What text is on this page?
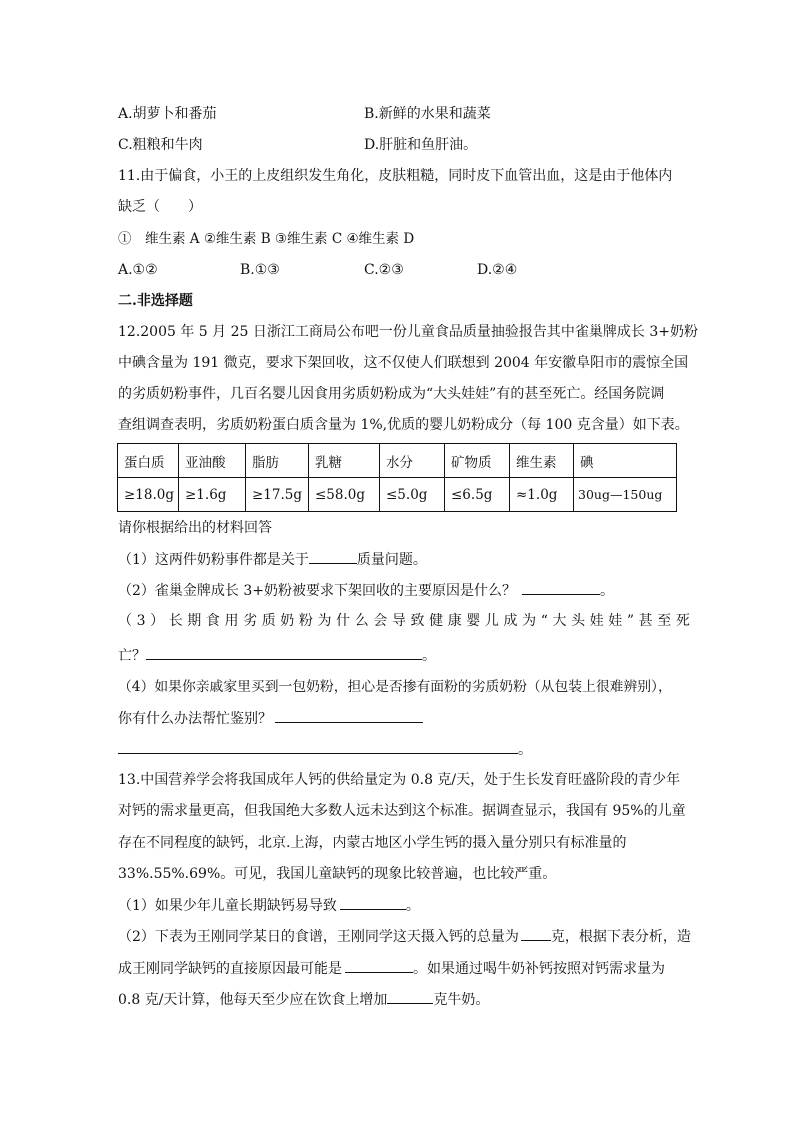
A.胡萝卜和番茄	B.新鲜的水果和蔬菜
C.粗粮和牛肉	D.肝脏和鱼肝油。
11.由于偏食，小王的上皮组织发生角化，皮肤粗糙，同时皮下血管出血，这是由于他体内
缺乏（　　）
①　维生素 A ②维生素 B ③维生素 C ④维生素 D
A.①②	B.①③	C.②③	D.②④
二.非选择题
12.2005 年 5 月 25 日浙江工商局公布吧一份儿童食品质量抽验报告其中雀巢牌成长 3+奶粉
中碘含量为 191 微克，要求下架回收，这不仅使人们联想到 2004 年安徽阜阳市的震惊全国
的劣质奶粉事件，几百名婴儿因食用劣质奶粉成为“大头娃娃”有的甚至死亡。经国务院调
查组调查表明，劣质奶粉蛋白质含量为 1%,优质的婴儿奶粉成分（每 100 克含量）如下表。
蛋白质	亚油酸	脂肪	乳糖	水分	矿物质	维生素	碘
≥18.0g	≥1.6g	≥17.5g	≤58.0g	≤5.0g	≤6.5g	≈1.0g	30ug—150ug
请你根据给出的材料回答
（1）这两件奶粉事件都是关于	质量问题。
（2）雀巢金牌成长 3+奶粉被要求下架回收的主要原因是什么？	。
（3）长期食用劣质奶粉为什么会导致健康婴儿成为“大头娃娃”甚至死
亡？	。
（4）如果你亲戚家里买到一包奶粉，担心是否掺有面粉的劣质奶粉（从包装上很难辨别），
你有什么办法帮忙鉴别？
。
13.中国营养学会将我国成年人钙的供给量定为 0.8 克/天，处于生长发育旺盛阶段的青少年
对钙的需求量更高，但我国绝大多数人远未达到这个标准。据调查显示，我国有 95%的儿童
存在不同程度的缺钙，北京.上海，内蒙古地区小学生钙的摄入量分别只有标准量的
33%.55%.69%。可见，我国儿童缺钙的现象比较普遍，也比较严重。
（1）如果少年儿童长期缺钙易导致	。
（2）下表为王刚同学某日的食谱，王刚同学这天摄入钙的总量为 克，根据下表分析，造
成王刚同学缺钙的直接原因最可能是	。如果通过喝牛奶补钙按照对钙需求量为
0.8 克/天计算，他每天至少应在饮食上增加	克牛奶。
